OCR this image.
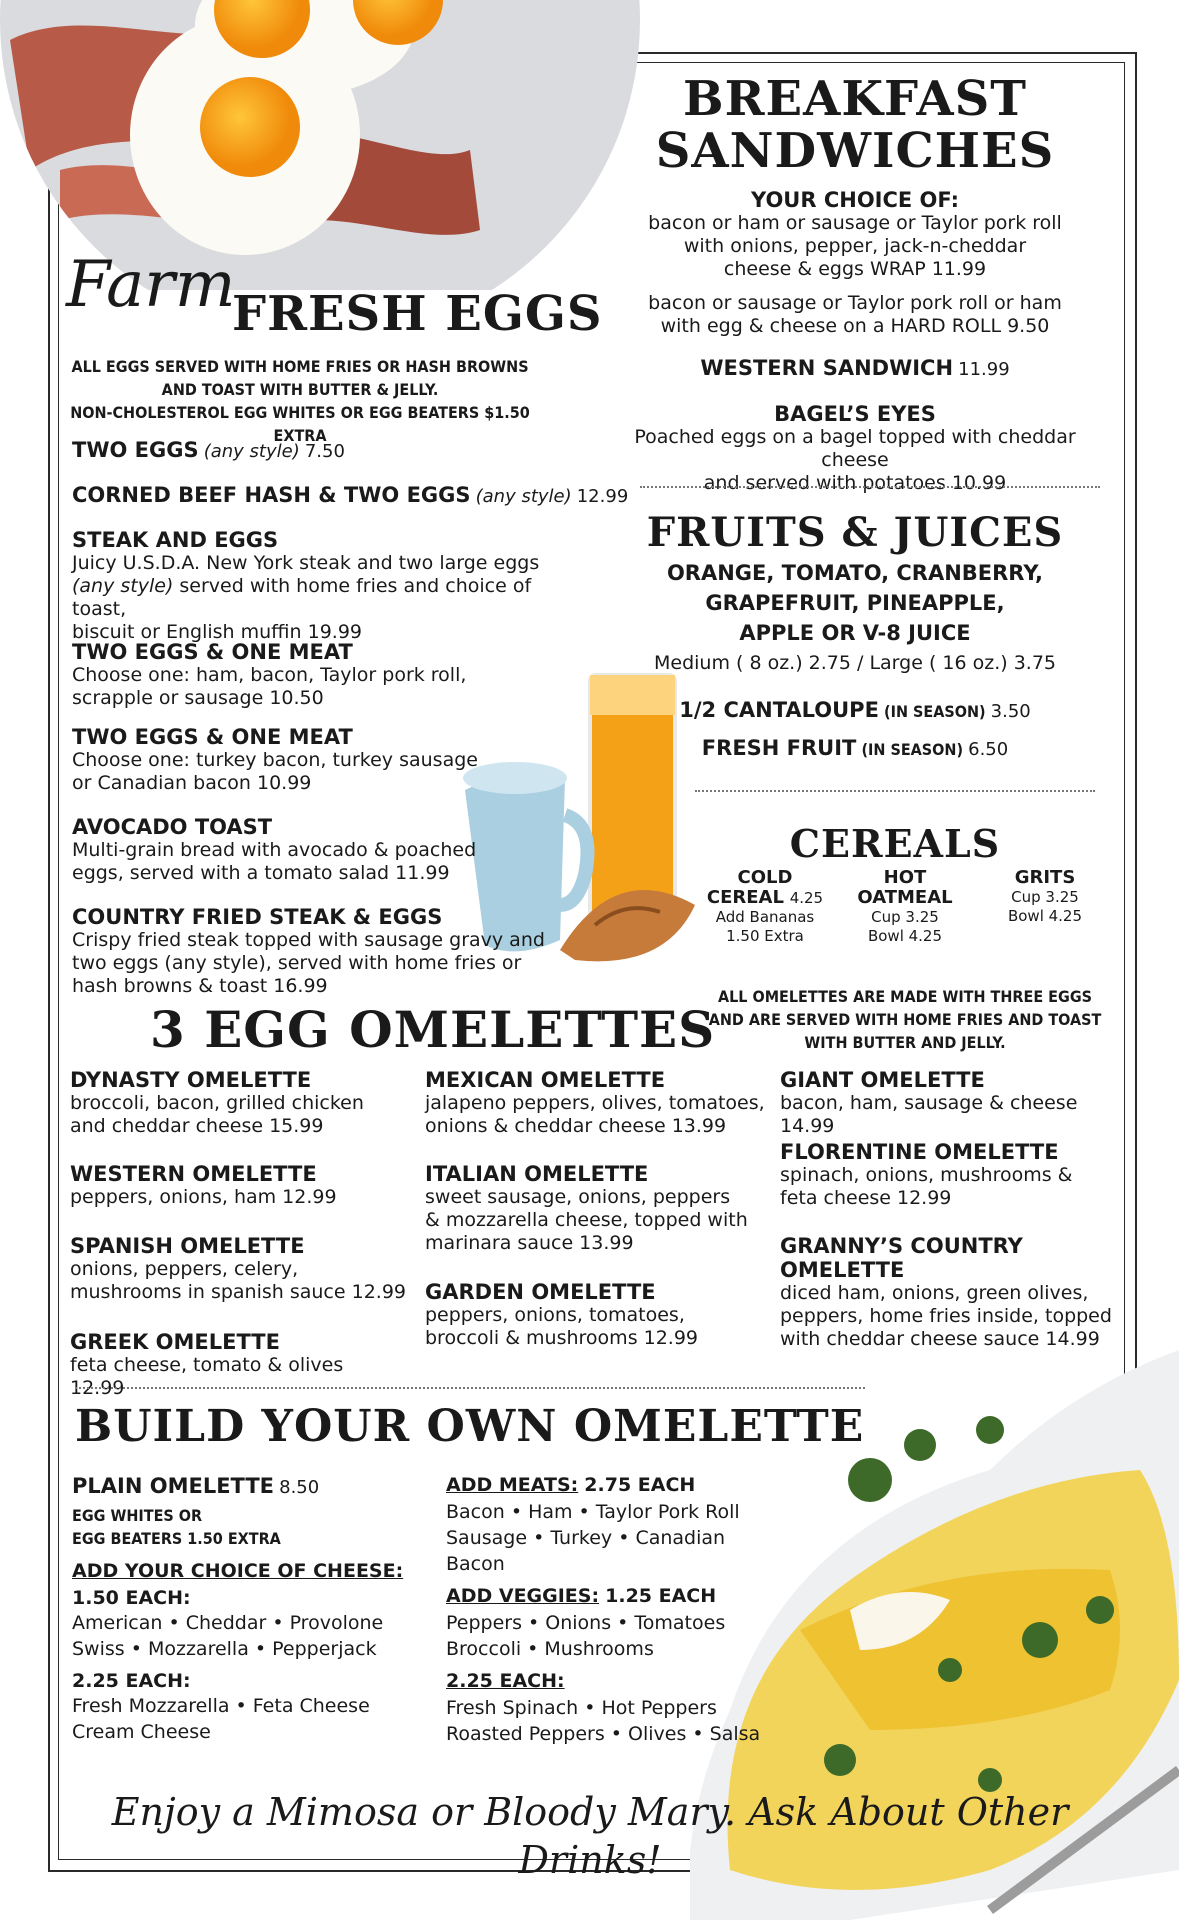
Farm
FRESH EGGS
ALL EGGS SERVED WITH HOME FRIES OR HASH BROWNS
AND TOAST WITH BUTTER & JELLY.
NON-CHOLESTEROL EGG WHITES OR EGG BEATERS $1.50 EXTRA
TWO EGGS (any style) 7.50
CORNED BEEF HASH & TWO EGGS (any style) 12.99
STEAK AND EGGS
Juicy U.S.D.A. New York steak and two large eggs
(any style) served with home fries and choice of toast,
biscuit or English muffin 19.99
TWO EGGS & ONE MEAT
Choose one: ham, bacon, Taylor pork roll,
scrapple or sausage 10.50
TWO EGGS & ONE MEAT
Choose one: turkey bacon, turkey sausage
or Canadian bacon 10.99
AVOCADO TOAST
Multi-grain bread with avocado & poached
eggs, served with a tomato salad 11.99
COUNTRY FRIED STEAK & EGGS
Crispy fried steak topped with sausage gravy and
two eggs (any style), served with home fries or
hash browns & toast 16.99
BREAKFAST
SANDWICHES
YOUR CHOICE OF:
bacon or ham or sausage or Taylor pork roll
with onions, pepper, jack-n-cheddar
cheese & eggs WRAP 11.99
bacon or sausage or Taylor pork roll or ham
with egg & cheese on a HARD ROLL 9.50
WESTERN SANDWICH 11.99
BAGEL’S EYES
Poached eggs on a bagel topped with cheddar cheese
and served with potatoes 10.99
FRUITS & JUICES
ORANGE, TOMATO, CRANBERRY,
GRAPEFRUIT, PINEAPPLE,
APPLE OR V-8 JUICE
Medium ( 8 oz.) 2.75 / Large ( 16 oz.) 3.75
1/2 CANTALOUPE (IN SEASON) 3.50
FRESH FRUIT (IN SEASON) 6.50
CEREALS
COLD
CEREAL 4.25
Add Bananas
1.50 Extra
HOT
OATMEAL
Cup 3.25
Bowl 4.25
GRITS
Cup 3.25
Bowl 4.25
3 EGG OMELETTES
ALL OMELETTES ARE MADE WITH THREE EGGS
AND ARE SERVED WITH HOME FRIES AND TOAST
WITH BUTTER AND JELLY.
DYNASTY OMELETTE
broccoli, bacon, grilled chicken
and cheddar cheese 15.99
WESTERN OMELETTE
peppers, onions, ham 12.99
SPANISH OMELETTE
onions, peppers, celery,
mushrooms in spanish sauce 12.99
GREEK OMELETTE
feta cheese, tomato & olives 12.99
MEXICAN OMELETTE
jalapeno peppers, olives, tomatoes,
onions & cheddar cheese 13.99
ITALIAN OMELETTE
sweet sausage, onions, peppers
& mozzarella cheese, topped with
marinara sauce 13.99
GARDEN OMELETTE
peppers, onions, tomatoes,
broccoli & mushrooms 12.99
GIANT OMELETTE
bacon, ham, sausage & cheese 14.99
FLORENTINE OMELETTE
spinach, onions, mushrooms &
feta cheese 12.99
GRANNY’S COUNTRY
OMELETTE
diced ham, onions, green olives,
peppers, home fries inside, topped
with cheddar cheese sauce 14.99
BUILD YOUR OWN OMELETTE
PLAIN OMELETTE 8.50
EGG WHITES OR
EGG BEATERS 1.50 EXTRA
ADD YOUR CHOICE OF CHEESE:
1.50 EACH:
American • Cheddar • Provolone
Swiss • Mozzarella • Pepperjack
2.25 EACH:
Fresh Mozzarella • Feta Cheese
Cream Cheese
ADD MEATS: 2.75 EACH
Bacon • Ham • Taylor Pork Roll
Sausage • Turkey • Canadian Bacon
ADD VEGGIES: 1.25 EACH
Peppers • Onions • Tomatoes
Broccoli • Mushrooms
2.25 EACH:
Fresh Spinach • Hot Peppers
Roasted Peppers • Olives • Salsa
Enjoy a Mimosa or Bloody Mary. Ask About Other Drinks!
